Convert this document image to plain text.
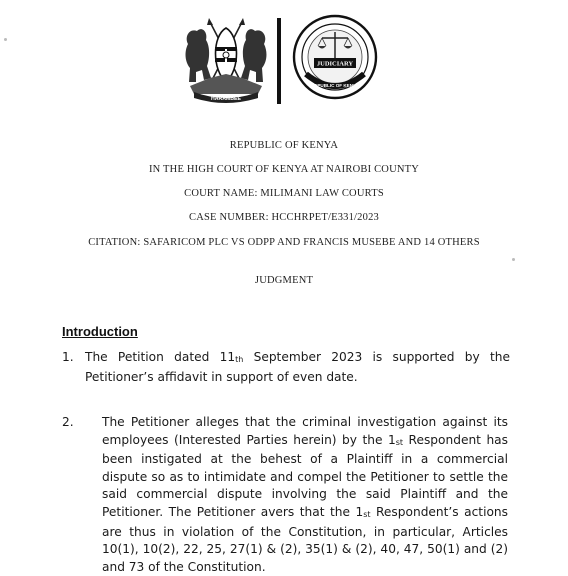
HARAMBEE
JUDICIARY
REPUBLIC OF KENYA
REPUBLIC OF KENYA
IN THE HIGH COURT OF KENYA AT NAIROBI COUNTY
COURT NAME: MILIMANI LAW COURTS
CASE NUMBER: HCCHRPET/E331/2023
CITATION: SAFARICOM PLC VS ODPP AND FRANCIS MUSEBE AND 14 OTHERS
JUDGMENT
Introduction
1. The Petition dated $11_{th}$ September 2023 is supported by the Petitioner’s affidavit in support of even date.
2. The Petitioner alleges that the criminal investigation against its employees (Interested Parties herein) by the $1_{st}$ Respondent has been instigated at the behest of a Plaintiff in a commercial dispute so as to intimidate and compel the Petitioner to settle the said commercial dispute involving the said Plaintiff and the Petitioner. The Petitioner avers that the $1_{st}$ Respondent’s actions are thus in violation of the Constitution, in particular, Articles 10(1), 10(2), 22, 25, 27(1) & (2), 35(1) & (2), 40, 47, 50(1) and (2) and 73 of the Constitution.
